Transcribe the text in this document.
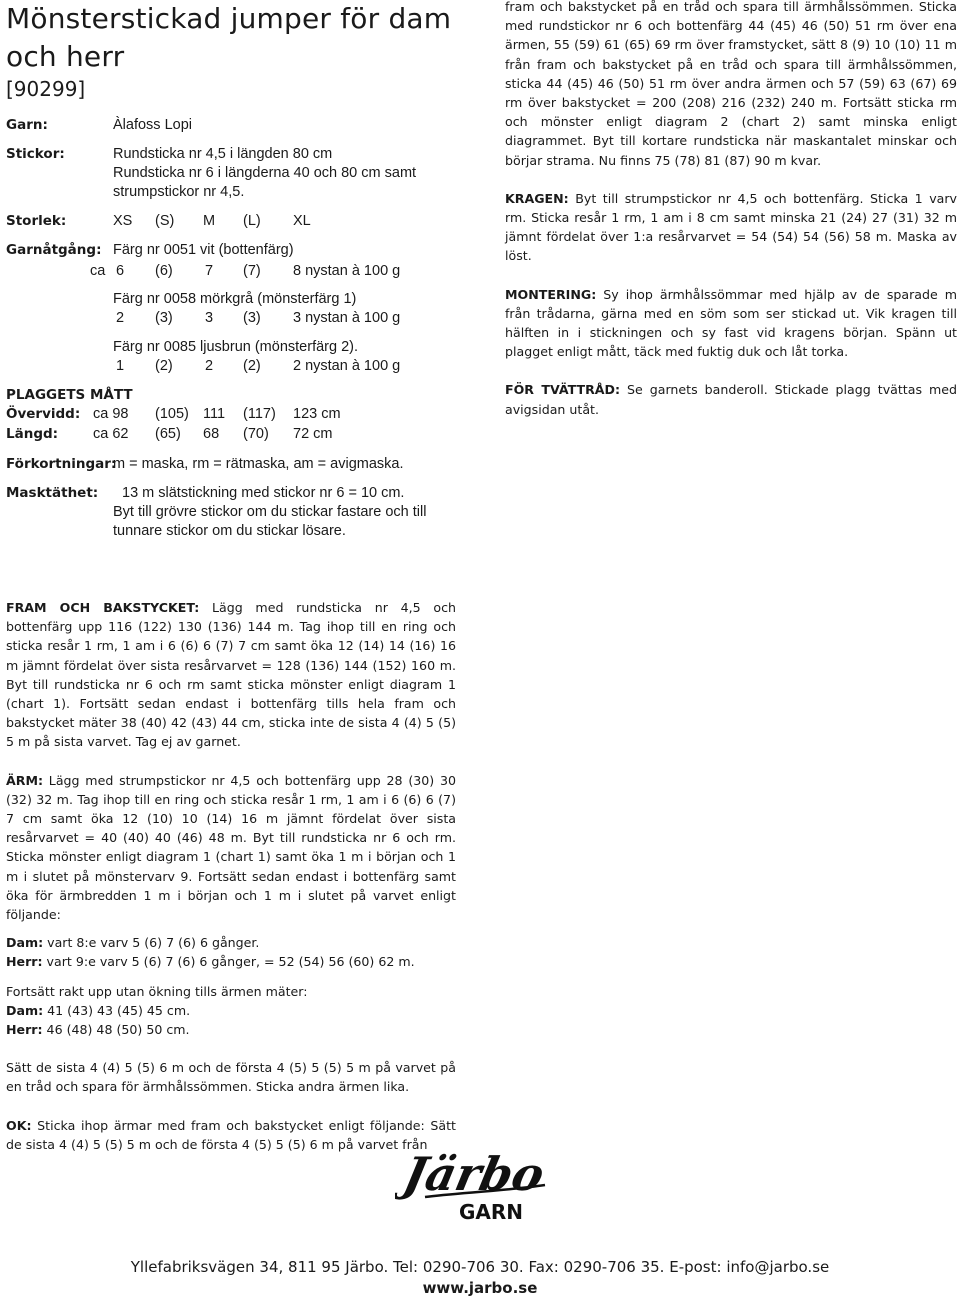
Mönsterstickad jumper för dam
och herr
[90299]
Garn:	Àlafoss Lopi
Stickor:	Rundsticka nr 4,5 i längden 80 cm
Rundsticka nr 6 i längderna 40 och 80 cm samt
strumpstickor nr 4,5.
Storlek:	XS (S) M (L) XL
Garnåtgång: Färg nr 0051 vit (bottenfärg)
ca 6 (6) 7 (7) 8 nystan à 100 g
Färg nr 0058 mörkgrå (mönsterfärg 1)
2 (3) 3 (3) 3 nystan à 100 g
Färg nr 0085 ljusbrun (mönsterfärg 2).
1 (2) 2 (2) 2 nystan à 100 g
PLAGGETS MÅTT
Övervidd: ca 98 (105) 111 (117) 123 cm
Längd: ca 62 (65) 68 (70) 72 cm
Förkortningar:
m = maska, rm = rätmaska, am = avigmaska.
Masktäthet: 13 m slätstickning med stickor nr 6 = 10 cm.
Byt till grövre stickor om du stickar fastare och till
tunnare stickor om du stickar lösare.

fram och bakstycket på en tråd och spara till ärmhålssömmen. Sticka med rundstickor nr 6 och bottenfärg 44 (45) 46 (50) 51 rm över ena ärmen, 55 (59) 61 (65) 69 rm över framstycket, sätt 8 (9) 10 (10) 11 m från fram och bakstycket på en tråd och spara till ärmhålssömmen, sticka 44 (45) 46 (50) 51 rm över andra ärmen och 57 (59) 63 (67) 69 rm över bakstycket = 200 (208) 216 (232) 240 m. Fortsätt sticka rm och mönster enligt diagram 2 (chart 2) samt minska enligt diagrammet. Byt till kortare rundsticka när maskantalet minskar och börjar strama. Nu finns 75 (78) 81 (87) 90 m kvar.

KRAGEN: Byt till strumpstickor nr 4,5 och bottenfärg. Sticka 1 varv rm. Sticka resår 1 rm, 1 am i 8 cm samt minska 21 (24) 27 (31) 32 m jämnt fördelat över 1:a resårvarvet = 54 (54) 54 (56) 58 m. Maska av löst.

MONTERING: Sy ihop ärmhålssömmar med hjälp av de sparade m från trådarna, gärna med en söm som ser stickad ut. Vik kragen till hälften in i stickningen och sy fast vid kragens början. Spänn ut plagget enligt mått, täck med fuktig duk och låt torka.

FÖR TVÄTTRÅD: Se garnets banderoll. Stickade plagg tvättas med avigsidan utåt.

FRAM OCH BAKSTYCKET: Lägg med rundsticka nr 4,5 och bottenfärg upp 116 (122) 130 (136) 144 m. Tag ihop till en ring och sticka resår 1 rm, 1 am i 6 (6) 6 (7) 7 cm samt öka 12 (14) 14 (16) 16 m jämnt fördelat över sista resårvarvet = 128 (136) 144 (152) 160 m. Byt till rundsticka nr 6 och rm samt sticka mönster enligt diagram 1 (chart 1). Fortsätt sedan endast i bottenfärg tills hela fram och bakstycket mäter 38 (40) 42 (43) 44 cm, sticka inte de sista 4 (4) 5 (5) 5 m på sista varvet. Tag ej av garnet.

ÄRM: Lägg med strumpstickor nr 4,5 och bottenfärg upp 28 (30) 30 (32) 32 m. Tag ihop till en ring och sticka resår 1 rm, 1 am i 6 (6) 6 (7) 7 cm samt öka 12 (10) 10 (14) 16 m jämnt fördelat över sista resårvarvet = 40 (40) 40 (46) 48 m. Byt till rundsticka nr 6 och rm. Sticka mönster enligt diagram 1 (chart 1) samt öka 1 m i början och 1 m i slutet på mönstervarv 9. Fortsätt sedan endast i bottenfärg samt öka för ärmbredden 1 m i början och 1 m i slutet på varvet enligt följande:

Dam: vart 8:e varv 5 (6) 7 (6) 6 gånger.

Herr: vart 9:e varv 5 (6) 7 (6) 6 gånger, = 52 (54) 56 (60) 62 m.

Fortsätt rakt upp utan ökning tills ärmen mäter:

Dam: 41 (43) 43 (45) 45 cm.

Herr: 46 (48) 48 (50) 50 cm.

Sätt de sista 4 (4) 5 (5) 6 m och de första 4 (5) 5 (5) 5 m på varvet på en tråd och spara för ärmhålssömmen. Sticka andra ärmen lika.

OK: Sticka ihop ärmar med fram och bakstycket enligt följande: Sätt de sista 4 (4) 5 (5) 5 m och de första 4 (5) 5 (5) 6 m på varvet från

Järbo
GARN
Yllefabriksvägen 34, 811 95 Järbo. Tel: 0290-706 30. Fax: 0290-706 35. E-post: info@jarbo.se
www.jarbo.se
